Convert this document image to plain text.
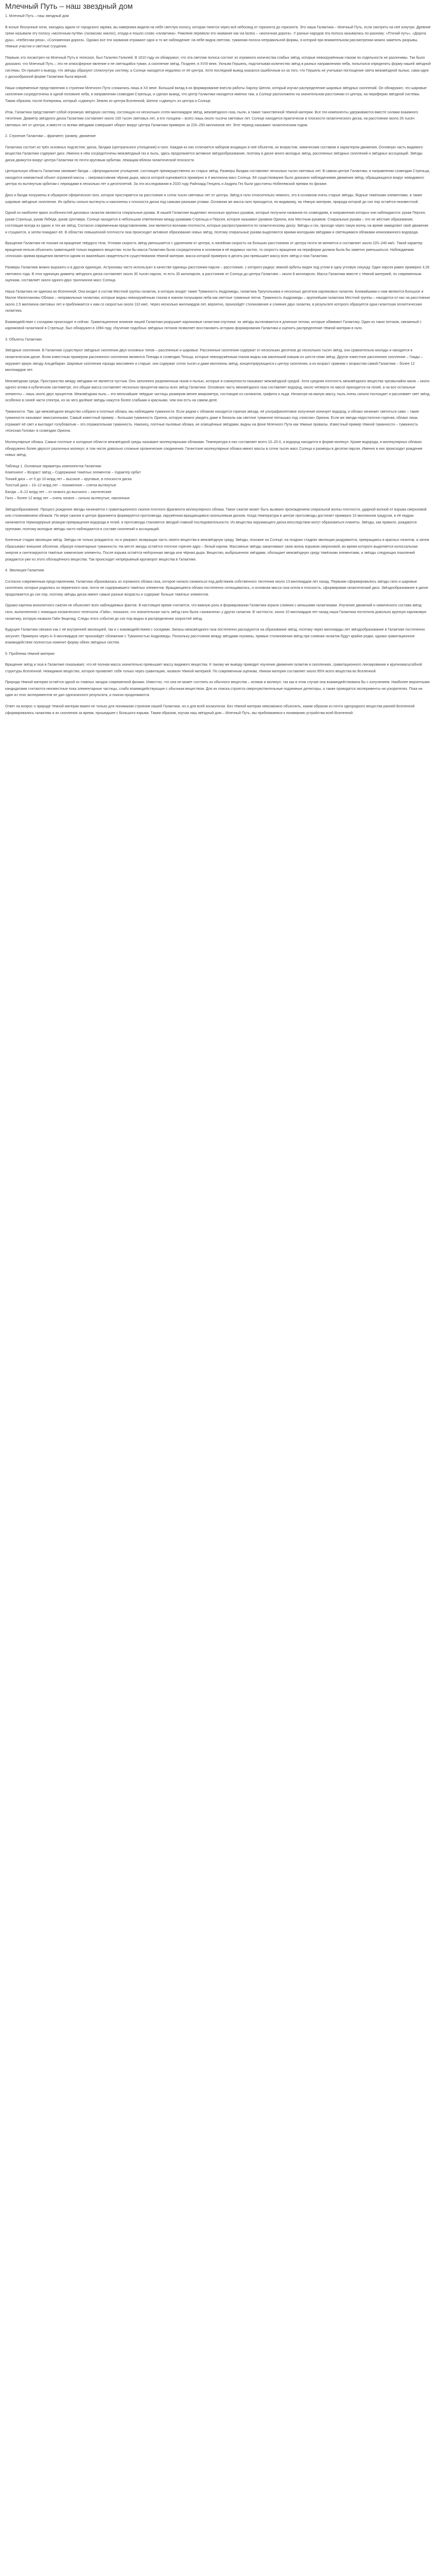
Млечный Путь – наш звездный дом

1. Млечный Путь – наш звездный дом

В ясные безлунные ночи, находясь вдали от городского зарева, вы наверняка видели на небе светлую полосу, которая тянется через всё небосвод от горизонта до горизонта. Это наша Галактика – Млечный Путь, если смотреть на неё изнутри. Древние греки называли эту полосу «молочным путём» (галаксиас киклос), откуда и пошло слово «галактика». Римляне перевели это название как via lactea – «молочная дорога». У разных народов эта полоса называлась по-разному: «Птичий путь», «Дорога душ», «Небесная река», «Соломенная дорога». Однако все эти названия отражают одно и то же наблюдение: на небе видна светлая, туманная полоса неправильной формы, в которой при внимательном рассмотрении можно заметить разрывы, тёмные участки и светлые сгущения.

Первым, кто посмотрел на Млечный Путь в телескоп, был Галилео Галилей. В 1610 году он обнаружил, что эта светлая полоса состоит из огромного количества слабых звёзд, которые невооружённым глазом по отдельности не различимы. Так было доказано, что Млечный Путь – это не атмосферное явление и не светящийся туман, а скопление звёзд. Позднее, в XVIII веке, Уильям Гершель, подсчитывая количество звёзд в разных направлениях неба, попытался определить форму нашей звёздной системы. Он пришёл к выводу, что звёзды образуют сплюснутую систему, а Солнце находится недалеко от её центра. Хотя последний вывод оказался ошибочным из-за того, что Гершель не учитывал поглощение света межзвёздной пылью, сама идея о дискообразной форме Галактики была верной.

Наши современные представления о строении Млечного Пути сложились лишь в XX веке. Большой вклад в их формирование внесли работы Харлоу Шепли, который изучал распределение шаровых звёздных скоплений. Он обнаружил, что шаровые скопления сосредоточены в одной половине неба, в направлении созвездия Стрельца, и сделал вывод, что центр Галактики находится именно там, а Солнце расположено на значительном расстоянии от центра, на периферии звёздной системы. Таким образом, после Коперника, который «сдвинул» Землю из центра Вселенной, Шепли «сдвинул» из центра и Солнце.

Итак, Галактика представляет собой огромную звёздную систему, состоящую из нескольких сотен миллиардов звёзд, межзвёздного газа, пыли, а также таинственной тёмной материи. Все эти компоненты удерживаются вместе силами взаимного тяготения. Диаметр звёздного диска Галактики составляет около 100 тысяч световых лет, а его толщина – всего лишь около тысячи световых лет. Солнце находится практически в плоскости галактического диска, на расстоянии около 26 тысяч световых лет от центра, и вместе со всеми звёздами совершает оборот вокруг центра Галактики примерно за 220–250 миллионов лет. Этот период называют галактическим годом.

2. Строение Галактики – фрагмент, размер, движение

Галактика состоит из трёх основных подсистем: диска, балджа (центрального утолщения) и гало. Каждая из них отличается набором входящих в неё объектов, их возрастом, химическим составом и характером движения. Основную часть видимого вещества Галактики содержит диск. Именно в нём сосредоточены межзвёздный газ и пыль, здесь продолжается активное звёздообразование, поэтому в диске много молодых звёзд, рассеянных звёздных скоплений и звёздных ассоциаций. Звёзды диска движутся вокруг центра Галактики по почти круговым орбитам, лежащим вблизи галактической плоскости.

Центральную область Галактики занимает балдж – сфероидальное утолщение, состоящее преимущественно из старых звёзд. Размеры балджа составляют несколько тысяч световых лет. В самом центре Галактики, в направлении созвездия Стрельца, находится компактный объект огромной массы – сверхмассивная чёрная дыра, масса которой оценивается примерно в 4 миллиона масс Солнца. Её существование было доказано наблюдениями движения звёзд, обращающихся вокруг невидимого центра по вытянутым орбитам с периодами в несколько лет и десятилетий. За эти исследования в 2020 году Райнхард Генцель и Андреа Гез были удостоены Нобелевской премии по физике.

Диск и балдж погружены в обширное сферическое гало, которое простирается на расстояние в сотни тысяч световых лет от центра. Звёзд в гало относительно немного, это в основном очень старые звёзды, бедные тяжёлыми элементами, а также шаровые звёздные скопления. Их орбиты сильно вытянуты и наклонены к плоскости диска под самыми разными углами. Основная же масса гало приходится, по-видимому, на тёмную материю, природа которой до сих пор остаётся неизвестной.

Одной из наиболее ярких особенностей дисковых галактик являются спиральные рукава. В нашей Галактике выделяют несколько крупных рукавов, которые получили названия по созвездиям, в направлении которых они наблюдаются: рукав Персея, рукав Стрельца, рукав Лебедя, рукав Центавра. Солнце находится в небольшом ответвлении между рукавами Стрельца и Персея, которое называют рукавом Ориона, или Местным рукавом. Спиральные рукава – это не жёсткие образования, состоящие всегда из одних и тех же звёзд. Согласно современным представлениям, они являются волнами плотности, которые распространяются по галактическому диску. Звёзды и газ, проходя через такую волну, на время замедляют своё движение и сгущаются, а затем покидают её. В областях повышенной плотности газа происходит активное образование новых звёзд, поэтому спиральные рукава выделяются яркими молодыми звёздами и светящимися облаками ионизованного водорода.

Вращение Галактики не похоже на вращение твёрдого тела. Угловая скорость звёзд уменьшается с удалением от центра, а линейная скорость на больших расстояниях от центра почти не меняется и составляет около 220–240 км/с. Такой характер вращения нельзя объяснить гравитацией только видимого вещества: если бы масса Галактики была сосредоточена в основном в её видимых частях, то скорость вращения на периферии должна была бы заметно уменьшаться. Наблюдаемая «плоская» кривая вращения является одним из важнейших свидетельств существования тёмной материи, масса которой примерно в десять раз превышает массу всех звёзд и газа Галактики.

Размеры Галактики можно выразить и в других единицах. Астрономы часто используют в качестве единицы расстояния парсек – расстояние, с которого радиус земной орбиты виден под углом в одну угловую секунду. Один парсек равен примерно 3,26 светового года. В этих единицах диаметр звёздного диска составляет около 30 тысяч парсек, то есть 30 килопарсек, а расстояние от Солнца до центра Галактики – около 8 килопарсек. Масса Галактики вместе с тёмной материей, по современным оценкам, составляет около одного-двух триллионов масс Солнца.

Наша Галактика не одинока во Вселенной. Она входит в состав Местной группы галактик, в которую входят также Туманность Андромеды, галактика Треугольника и несколько десятков карликовых галактик. Ближайшими к нам являются Большое и Малое Магеллановы Облака – неправильные галактики, которые видны невооружённым глазом в южном полушарии неба как светлые туманные пятна. Туманность Андромеды – крупнейшая галактика Местной группы – находится от нас на расстоянии около 2,5 миллиона световых лет и приближается к нам со скоростью около 110 км/с. Через несколько миллиардов лет, вероятно, произойдёт столкновение и слияние двух галактик, в результате которого образуется одна гигантская эллиптическая галактика.

Взаимодействие с соседями происходит и сейчас. Гравитационное влияние нашей Галактики разрушает карликовые галактики-спутники: их звёзды вытягиваются в длинные потоки, которые обвивают Галактику. Один из таких потоков, связанный с карликовой галактикой в Стрельце, был обнаружен в 1994 году. Изучение подобных звёздных потоков позволяет восстановить историю формирования Галактики и оценить распределение тёмной материи в гало.

3. Объекты Галактики

Звёздные скопления. В Галактике существуют звёздные скопления двух основных типов – рассеянные и шаровые. Рассеянные скопления содержат от нескольких десятков до нескольких тысяч звёзд, они сравнительно молоды и находятся в галактическом диске. Всем известным примером рассеянного скопления являются Плеяды в созвездии Тельца, которые невооружённым глазом видны как маленький ковшик из шести-семи звёзд. Другое известное рассеянное скопление – Гиады – окружает яркую звезду Альдебаран. Шаровые скопления гораздо массивнее и старше: они содержат сотни тысяч и даже миллионы звёзд, концентрирующихся к центру скопления, а их возраст сравним с возрастом самой Галактики – более 12 миллиардов лет.

Межзвёздная среда. Пространство между звёздами не является пустым. Оно заполнено разреженным газом и пылью, которые в совокупности называют межзвёздной средой. Хотя средняя плотность межзвёздного вещества чрезвычайно мала – около одного атома в кубическом сантиметре, его общая масса составляет несколько процентов массы всех звёзд Галактики. Основную часть межзвёздного газа составляет водород, около четверти по массе приходится на гелий, а на все остальные элементы – лишь около двух процентов. Межзвёздная пыль – это мельчайшие твёрдые частицы размером менее микрометра, состоящие из силикатов, графита и льда. Несмотря на малую массу, пыль очень сильно поглощает и рассеивает свет звёзд, особенно в синей части спектра, из-за чего далёкие звёзды кажутся более слабыми и красными, чем они есть на самом деле.

Туманности. Там, где межзвёздное вещество собрано в плотные облака, мы наблюдаем туманности. Если рядом с облаком находится горячая звезда, её ультрафиолетовое излучение ионизует водород, и облако начинает светиться само – такие туманности называют эмиссионными. Самый известный пример – Большая туманность Ориона, которую можно увидеть даже в бинокль как светлое туманное пятнышко под «поясом» Ориона. Если же звезда недостаточно горячая, облако лишь отражает её свет и выглядит голубоватым – это отражательная туманность. Наконец, плотные пылевые облака, не освещённые звёздами, видны на фоне Млечного Пути как тёмные провалы. Известный пример тёмной туманности – туманность «Конская Голова» в созвездии Ориона.

Молекулярные облака. Самые плотные и холодные области межзвёздной среды называют молекулярными облаками. Температура в них составляет всего 10–20 К, а водород находится в форме молекул. Кроме водорода, в молекулярных облаках обнаружено более двухсот различных молекул, в том числе довольно сложные органические соединения. Гигантские молекулярные облака имеют массы в сотни тысяч масс Солнца и размеры в десятки парсек. Именно в них происходит рождение новых звёзд.

Таблица 1. Основные параметры компонентов Галактики
Компонент – Возраст звёзд – Содержание тяжёлых элементов – Характер орбит
Тонкий диск – от 0 до 10 млрд лет – высокое – круговые, в плоскости диска
Толстый диск – 10–12 млрд лет – пониженное – слегка вытянутые
Балдж – 8–12 млрд лет – от низкого до высокого – хаотические
Гало – более 12 млрд лет – очень низкое – сильно вытянутые, наклонные

Звёздообразование. Процесс рождения звезды начинается с гравитационного сжатия плотного фрагмента молекулярного облака. Такое сжатие может быть вызвано прохождением спиральной волны плотности, ударной волной от взрыва сверхновой или столкновением облаков. По мере сжатия в центре фрагмента формируется протозвезда, окружённая вращающимся газопылевым диском. Когда температура в центре протозвезды достигает примерно 10 миллионов градусов, в её недрах начинаются термоядерные реакции превращения водорода в гелий, и протозвезда становится звездой главной последовательности. Из вещества окружающего диска впоследствии могут образоваться планеты. Звёзды, как правило, рождаются группами, поэтому молодые звёзды часто наблюдаются в составе скоплений и ассоциаций.

Конечные стадии эволюции звёзд. Звёзды не только рождаются, но и умирают, возвращая часть своего вещества в межзвёздную среду. Звёзды, похожие на Солнце, на поздних стадиях эволюции раздуваются, превращаясь в красных гигантов, а затем сбрасывают внешние оболочки, образуя планетарные туманности. На месте звезды остаётся плотное горячее ядро – белый карлик. Массивные звёзды заканчивают свою жизнь взрывом сверхновой, во время которого выделяется колоссальная энергия и синтезируются тяжёлые химические элементы. После взрыва остаётся нейтронная звезда или чёрная дыра. Вещество, выброшенное звёздами, обогащает межзвёздную среду тяжёлыми элементами, и звёзды следующих поколений рождаются уже из этого обогащённого вещества. Так происходит непрерывный круговорот вещества в Галактике.

4. Эволюция Галактики

Согласно современным представлениям, Галактика образовалась из огромного облака газа, которое начало сжиматься под действием собственного тяготения около 13 миллиардов лет назад. Первыми сформировались звёзды гало и шаровые скопления, которые родились из первичного газа, почти не содержавшего тяжёлых элементов. Вращающееся облако постепенно сплющивалось, и основная масса газа осела в плоскость, сформировав галактический диск. Звёздообразование в диске продолжается до сих пор, поэтому звёзды диска имеют самые разные возрасты и содержат больше тяжёлых элементов.

Однако картина монолитного сжатия не объясняет всех наблюдаемых фактов. В настоящее время считается, что важную роль в формировании Галактики играли слияния с меньшими галактиками. Изучение движений и химического состава звёзд гало, выполненное с помощью космического телескопа «Гайя», показало, что значительная часть звёзд гало была «захвачена» у других галактик. В частности, около 10 миллиардов лет назад наша Галактика поглотила довольно крупную карликовую галактику, которую назвали Гайя-Энцелад. Следы этого события до сих пор видны в распределении скоростей звёзд.

Будущее Галактики связано как с её внутренней эволюцией, так и с взаимодействием с соседями. Запасы межзвёздного газа постепенно расходуются на образование звёзд, поэтому через миллиарды лет звёздообразование в Галактике постепенно затухнет. Примерно через 4–5 миллиардов лет произойдёт сближение с Туманностью Андромеды. Поскольку расстояния между звёздами огромны, прямые столкновения звёзд при слиянии галактик будут крайне редки, однако гравитационное взаимодействие полностью изменит форму обеих звёздных систем.

5. Проблема тёмной материи

Вращение звёзд и газа в Галактике показывает, что её полная масса значительно превышает массу видимого вещества. К такому же выводу приводит изучение движения галактик в скоплениях, гравитационного линзирования и крупномасштабной структуры Вселенной. Невидимое вещество, которое проявляет себя только через гравитацию, назвали тёмной материей. По современным оценкам, тёмная материя составляет около 85% всего вещества во Вселенной.

Природа тёмной материи остаётся одной из главных загадок современной физики. Известно, что она не может состоять из обычного вещества – атомов и молекул, так как в этом случае она взаимодействовала бы с излучением. Наиболее вероятными кандидатами считаются неизвестные пока элементарные частицы, слабо взаимодействующие с обычным веществом. Для их поиска строятся сверхчувствительные подземные детекторы, а также проводятся эксперименты на ускорителях. Пока ни один из этих экспериментов не дал однозначного результата, и поиски продолжаются.

Ответ на вопрос о природе тёмной материи важен не только для понимания строения нашей Галактики, но и для всей космологии. Без тёмной материи невозможно объяснить, каким образом из почти однородного вещества ранней Вселенной сформировались галактики и их скопления за время, прошедшее с Большого взрыва. Таким образом, изучая наш звёздный дом – Млечный Путь, мы приближаемся к пониманию устройства всей Вселенной.
